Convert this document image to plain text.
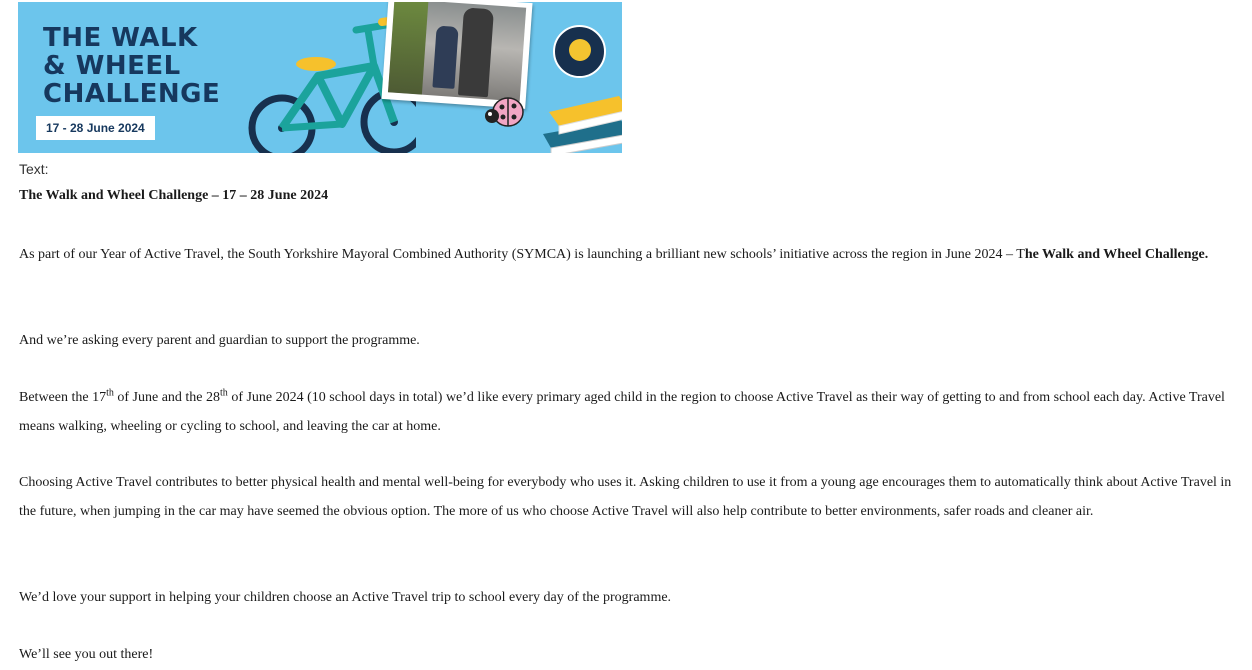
THE WALK
& WHEEL
CHALLENGE
17 - 28 June 2024

Text:

The Walk and Wheel Challenge – 17 – 28 June 2024

As part of our Year of Active Travel, the South Yorkshire Mayoral Combined Authority (SYMCA) is launching a brilliant new schools’ initiative across the region in June 2024 – The Walk and Wheel Challenge.

And we’re asking every parent and guardian to support the programme.

Between the 17th of June and the 28th of June 2024 (10 school days in total) we’d like every primary aged child in the region to choose Active Travel as their way of getting to and from school each day. Active Travel means walking, wheeling or cycling to school, and leaving the car at home.

Choosing Active Travel contributes to better physical health and mental well-being for everybody who uses it. Asking children to use it from a young age encourages them to automatically think about Active Travel in the future, when jumping in the car may have seemed the obvious option. The more of us who choose Active Travel will also help contribute to better environments, safer roads and cleaner air.

We’d love your support in helping your children choose an Active Travel trip to school every day of the programme.

We’ll see you out there!
